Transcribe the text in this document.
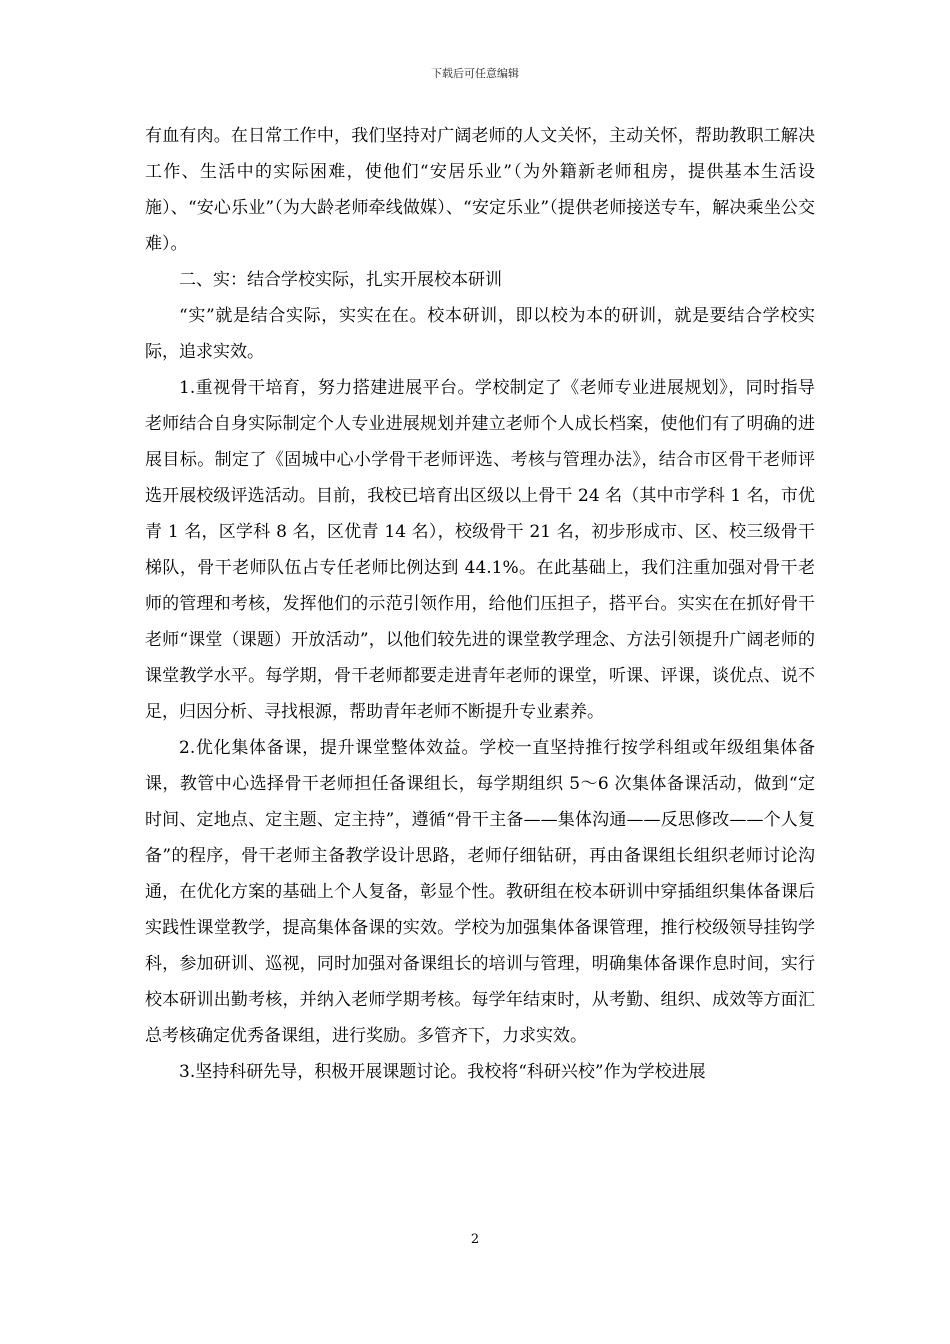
下载后可任意编辑

有血有肉。在日常工作中，我们坚持对广阔老师的人文关怀，主动关怀，帮助教职工解决工作、生活中的实际困难，使他们“安居乐业”（为外籍新老师租房，提供基本生活设施）、“安心乐业”（为大龄老师牵线做媒）、“安定乐业”（提供老师接送专车，解决乘坐公交难）。

二、实：结合学校实际，扎实开展校本研训

“实”就是结合实际，实实在在。校本研训，即以校为本的研训，就是要结合学校实际，追求实效。

1.重视骨干培育，努力搭建进展平台。学校制定了《老师专业进展规划》，同时指导老师结合自身实际制定个人专业进展规划并建立老师个人成长档案，使他们有了明确的进展目标。制定了《固城中心小学骨干老师评选、考核与管理办法》，结合市区骨干老师评选开展校级评选活动。目前，我校已培育出区级以上骨干 24 名（其中市学科 1 名，市优青 1 名，区学科 8 名，区优青 14 名），校级骨干 21 名，初步形成市、区、校三级骨干梯队，骨干老师队伍占专任老师比例达到 44.1%。在此基础上，我们注重加强对骨干老师的管理和考核，发挥他们的示范引领作用，给他们压担子，搭平台。实实在在抓好骨干老师“课堂（课题）开放活动”，以他们较先进的课堂教学理念、方法引领提升广阔老师的课堂教学水平。每学期，骨干老师都要走进青年老师的课堂，听课、评课，谈优点、说不足，归因分析、寻找根源，帮助青年老师不断提升专业素养。

2.优化集体备课，提升课堂整体效益。学校一直坚持推行按学科组或年级组集体备课，教管中心选择骨干老师担任备课组长，每学期组织 5～6 次集体备课活动，做到“定时间、定地点、定主题、定主持”，遵循“骨干主备——集体沟通——反思修改——个人复备”的程序，骨干老师主备教学设计思路，老师仔细钻研，再由备课组长组织老师讨论沟通，在优化方案的基础上个人复备，彰显个性。教研组在校本研训中穿插组织集体备课后实践性课堂教学，提高集体备课的实效。学校为加强集体备课管理，推行校级领导挂钩学科，参加研训、巡视，同时加强对备课组长的培训与管理，明确集体备课作息时间，实行校本研训出勤考核，并纳入老师学期考核。每学年结束时，从考勤、组织、成效等方面汇总考核确定优秀备课组，进行奖励。多管齐下，力求实效。

3.坚持科研先导，积极开展课题讨论。我校将“科研兴校”作为学校进展

2
